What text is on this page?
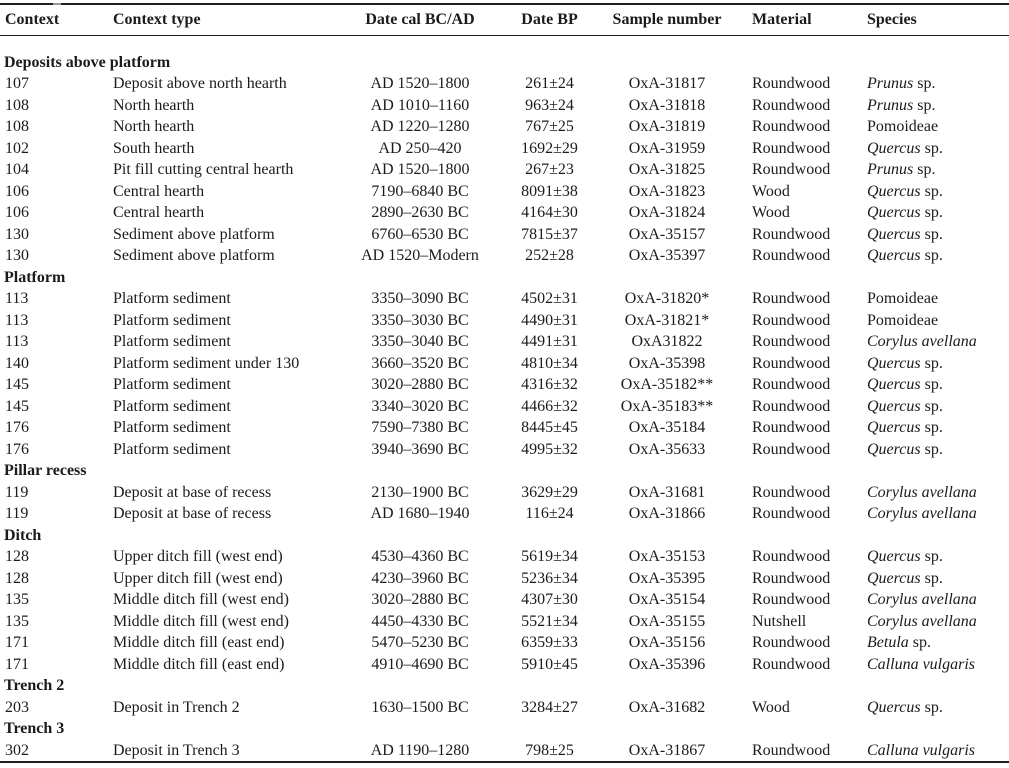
Context	Context type	Date cal BC/AD	Date BP	Sample number	Material	Species
Deposits above platform						
107	Deposit above north hearth	AD 1520–1800	261±24	OxA-31817	Roundwood	Prunus sp.
108	North hearth	AD 1010–1160	963±24	OxA-31818	Roundwood	Prunus sp.
108	North hearth	AD 1220–1280	767±25	OxA-31819	Roundwood	Pomoideae
102	South hearth	AD 250–420	1692±29	OxA-31959	Roundwood	Quercus sp.
104	Pit fill cutting central hearth	AD 1520–1800	267±23	OxA-31825	Roundwood	Prunus sp.
106	Central hearth	7190–6840 BC	8091±38	OxA-31823	Wood	Quercus sp.
106	Central hearth	2890–2630 BC	4164±30	OxA-31824	Wood	Quercus sp.
130	Sediment above platform	6760–6530 BC	7815±37	OxA-35157	Roundwood	Quercus sp.
130	Sediment above platform	AD 1520–Modern	252±28	OxA-35397	Roundwood	Quercus sp.
Platform						
113	Platform sediment	3350–3090 BC	4502±31	OxA-31820*	Roundwood	Pomoideae
113	Platform sediment	3350–3030 BC	4490±31	OxA-31821*	Roundwood	Pomoideae
113	Platform sediment	3350–3040 BC	4491±31	OxA31822	Roundwood	Corylus avellana
140	Platform sediment under 130	3660–3520 BC	4810±34	OxA-35398	Roundwood	Quercus sp.
145	Platform sediment	3020–2880 BC	4316±32	OxA-35182**	Roundwood	Quercus sp.
145	Platform sediment	3340–3020 BC	4466±32	OxA-35183**	Roundwood	Quercus sp.
176	Platform sediment	7590–7380 BC	8445±45	OxA-35184	Roundwood	Quercus sp.
176	Platform sediment	3940–3690 BC	4995±32	OxA-35633	Roundwood	Quercus sp.
Pillar recess						
119	Deposit at base of recess	2130–1900 BC	3629±29	OxA-31681	Roundwood	Corylus avellana
119	Deposit at base of recess	AD 1680–1940	116±24	OxA-31866	Roundwood	Corylus avellana
Ditch						
128	Upper ditch fill (west end)	4530–4360 BC	5619±34	OxA-35153	Roundwood	Quercus sp.
128	Upper ditch fill (west end)	4230–3960 BC	5236±34	OxA-35395	Roundwood	Quercus sp.
135	Middle ditch fill (west end)	3020–2880 BC	4307±30	OxA-35154	Roundwood	Corylus avellana
135	Middle ditch fill (west end)	4450–4330 BC	5521±34	OxA-35155	Nutshell	Corylus avellana
171	Middle ditch fill (east end)	5470–5230 BC	6359±33	OxA-35156	Roundwood	Betula sp.
171	Middle ditch fill (east end)	4910–4690 BC	5910±45	OxA-35396	Roundwood	Calluna vulgaris
Trench 2						
203	Deposit in Trench 2	1630–1500 BC	3284±27	OxA-31682	Wood	Quercus sp.
Trench 3						
302	Deposit in Trench 3	AD 1190–1280	798±25	OxA-31867	Roundwood	Calluna vulgaris
